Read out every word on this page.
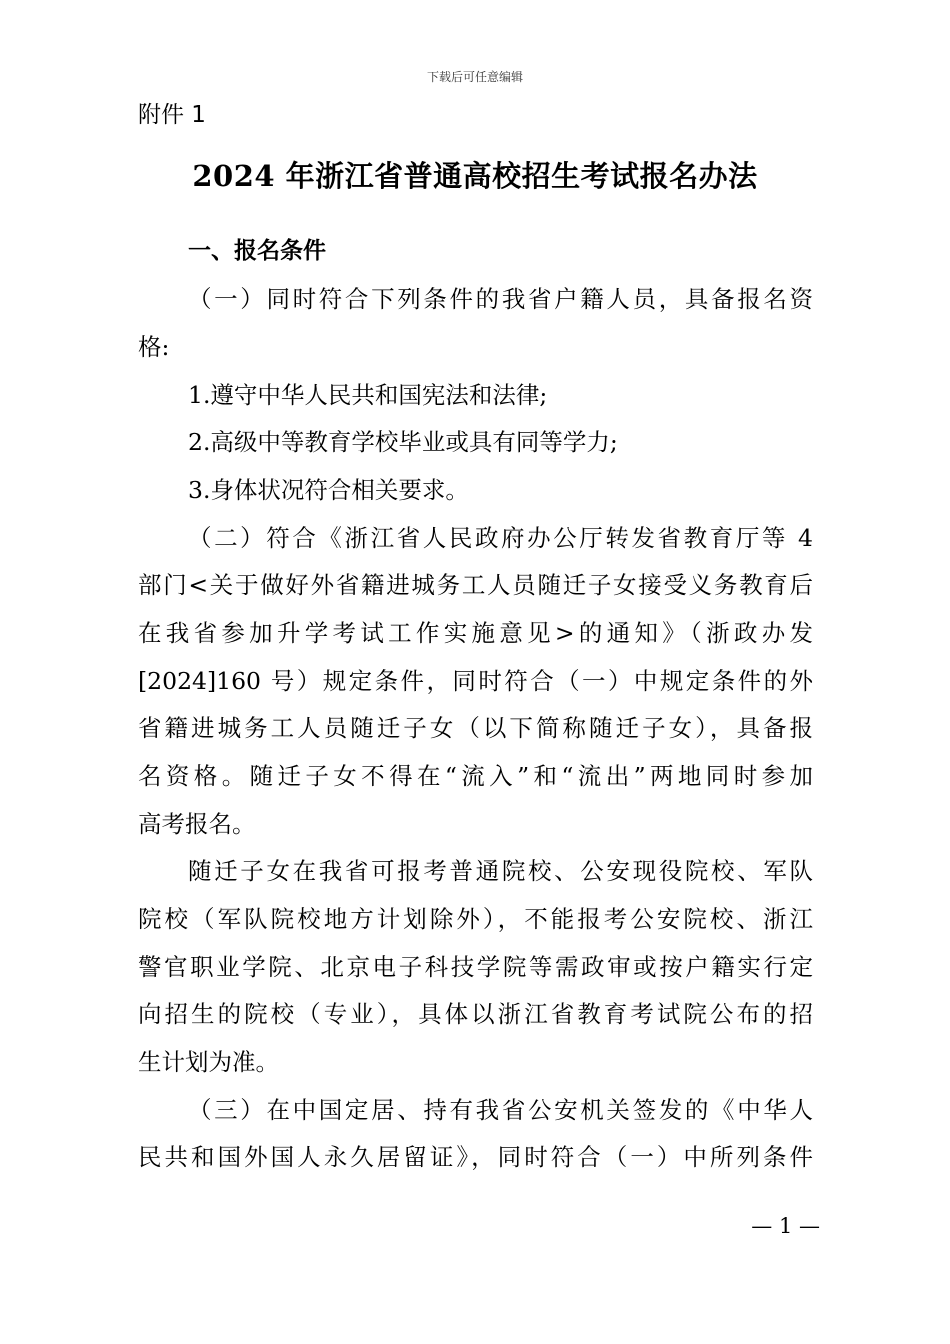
下载后可任意编辑
附件 1
2024 年浙江省普通高校招生考试报名办法
一、报名条件
（一）同时符合下列条件的我省户籍人员，具备报名资
格:
1.遵守中华人民共和国宪法和法律;
2.高级中等教育学校毕业或具有同等学力;
3.身体状况符合相关要求。
（二）符合《浙江省人民政府办公厅转发省教育厅等 4
部门<关于做好外省籍进城务工人员随迁子女接受义务教育后
在我省参加升学考试工作实施意见>的通知》（浙政办发
[2024]160 号）规定条件，同时符合（一）中规定条件的外
省籍进城务工人员随迁子女（以下简称随迁子女），具备报
名资格。随迁子女不得在“流入”和“流出”两地同时参加
高考报名。
随迁子女在我省可报考普通院校、公安现役院校、军队
院校（军队院校地方计划除外），不能报考公安院校、浙江
警官职业学院、北京电子科技学院等需政审或按户籍实行定
向招生的院校（专业），具体以浙江省教育考试院公布的招
生计划为准。
（三）在中国定居、持有我省公安机关签发的《中华人
民共和国外国人永久居留证》，同时符合（一）中所列条件
— 1 —
